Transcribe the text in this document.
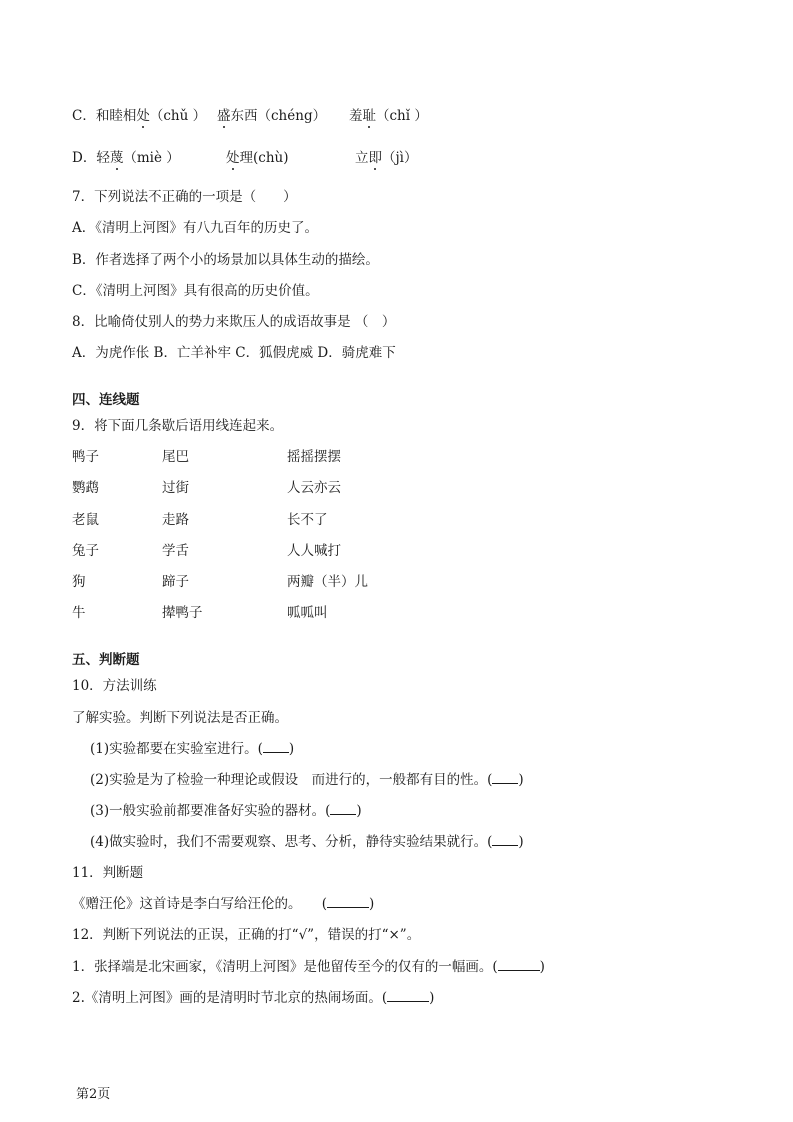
C．和睦相处（chǔ ） 盛东西（chéng） 羞耻（chǐ ）
D．轻蔑（miè ）	处理(chù)	立即（jì）
7．下列说法不正确的一项是（　　）
A．《清明上河图》有八九百年的历史了。
B．作者选择了两个小的场景加以具体生动的描绘。
C．《清明上河图》具有很高的历史价值。
8．比喻倚仗别人的势力来欺压人的成语故事是 （　）
A．为虎作伥 B．亡羊补牢 C．狐假虎威 D．骑虎难下
四、连线题
9．将下面几条歇后语用线连起来。
鸭子	尾巴	摇摇摆摆
鹦鹉	过街	人云亦云
老鼠	走路	长不了
兔子	学舌	人人喊打
狗	蹄子	两瓣（半）儿
牛	撵鸭子	呱呱叫
五、判断题
10．方法训练
了解实验。判断下列说法是否正确。
(1)实验都要在实验室进行。( )
(2)实验是为了检验一种理论或假设　而进行的，一般都有目的性。( )
(3)一般实验前都要准备好实验的器材。( )
(4)做实验时，我们不需要观察、思考、分析，静待实验结果就行。( )
11．判断题
《赠汪伦》这首诗是李白写给汪伦的。　　(	)
12．判断下列说法的正误，正确的打“√”，错误的打“×”。
1．张择端是北宋画家，《清明上河图》是他留传至今的仅有的一幅画。(	)
2.《清明上河图》画的是清明时节北京的热闹场面。(	)
第2页
